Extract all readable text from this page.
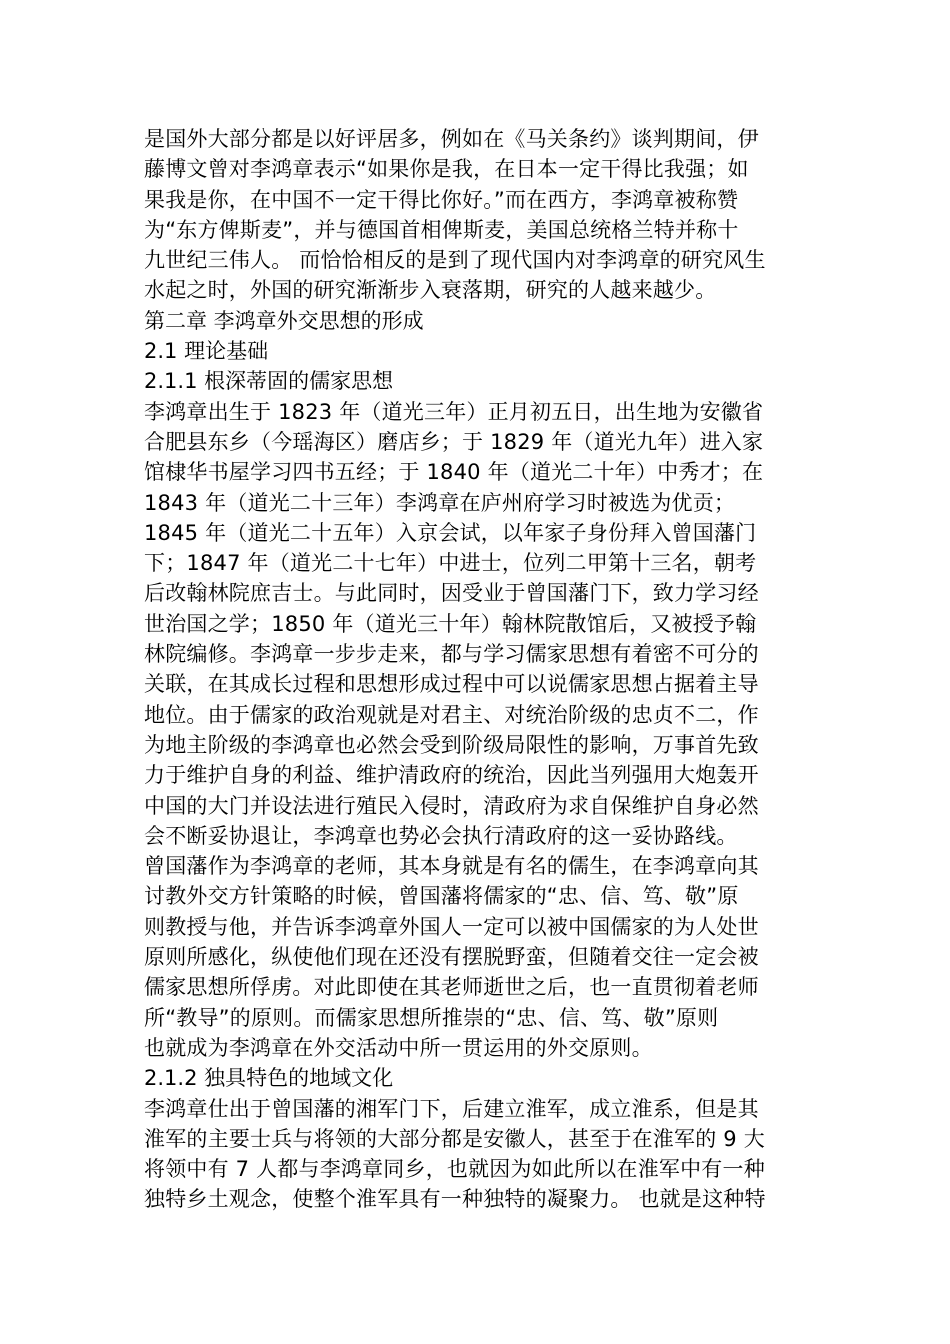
是国外大部分都是以好评居多，例如在《马关条约》谈判期间，伊
藤博文曾对李鸿章表示“如果你是我，在日本一定干得比我强；如
果我是你，在中国不一定干得比你好。”而在西方，李鸿章被称赞
为“东方俾斯麦”，并与德国首相俾斯麦，美国总统格兰特并称十
九世纪三伟人。 而恰恰相反的是到了现代国内对李鸿章的研究风生
水起之时，外国的研究渐渐步入衰落期，研究的人越来越少。
第二章 李鸿章外交思想的形成
2.1 理论基础
2.1.1 根深蒂固的儒家思想
李鸿章出生于 1823 年（道光三年）正月初五日，出生地为安徽省
合肥县东乡（今瑶海区）磨店乡；于 1829 年（道光九年）进入家
馆棣华书屋学习四书五经；于 1840 年（道光二十年）中秀才；在
1843 年（道光二十三年）李鸿章在庐州府学习时被选为优贡；
1845 年（道光二十五年）入京会试，以年家子身份拜入曾国藩门
下；1847 年（道光二十七年）中进士，位列二甲第十三名，朝考
后改翰林院庶吉士。与此同时，因受业于曾国藩门下，致力学习经
世治国之学；1850 年（道光三十年）翰林院散馆后，又被授予翰
林院编修。李鸿章一步步走来，都与学习儒家思想有着密不可分的
关联，在其成长过程和思想形成过程中可以说儒家思想占据着主导
地位。由于儒家的政治观就是对君主、对统治阶级的忠贞不二，作
为地主阶级的李鸿章也必然会受到阶级局限性的影响，万事首先致
力于维护自身的利益、维护清政府的统治，因此当列强用大炮轰开
中国的大门并设法进行殖民入侵时，清政府为求自保维护自身必然
会不断妥协退让，李鸿章也势必会执行清政府的这一妥协路线。
曾国藩作为李鸿章的老师，其本身就是有名的儒生，在李鸿章向其
讨教外交方针策略的时候，曾国藩将儒家的“忠、信、笃、敬”原
则教授与他，并告诉李鸿章外国人一定可以被中国儒家的为人处世
原则所感化，纵使他们现在还没有摆脱野蛮，但随着交往一定会被
儒家思想所俘虏。对此即使在其老师逝世之后，也一直贯彻着老师
所“教导”的原则。而儒家思想所推崇的“忠、信、笃、敬”原则
也就成为李鸿章在外交活动中所一贯运用的外交原则。
2.1.2 独具特色的地域文化
李鸿章仕出于曾国藩的湘军门下，后建立淮军，成立淮系，但是其
淮军的主要士兵与将领的大部分都是安徽人，甚至于在淮军的 9 大
将领中有 7 人都与李鸿章同乡，也就因为如此所以在淮军中有一种
独特乡土观念，使整个淮军具有一种独特的凝聚力。 也就是这种特
